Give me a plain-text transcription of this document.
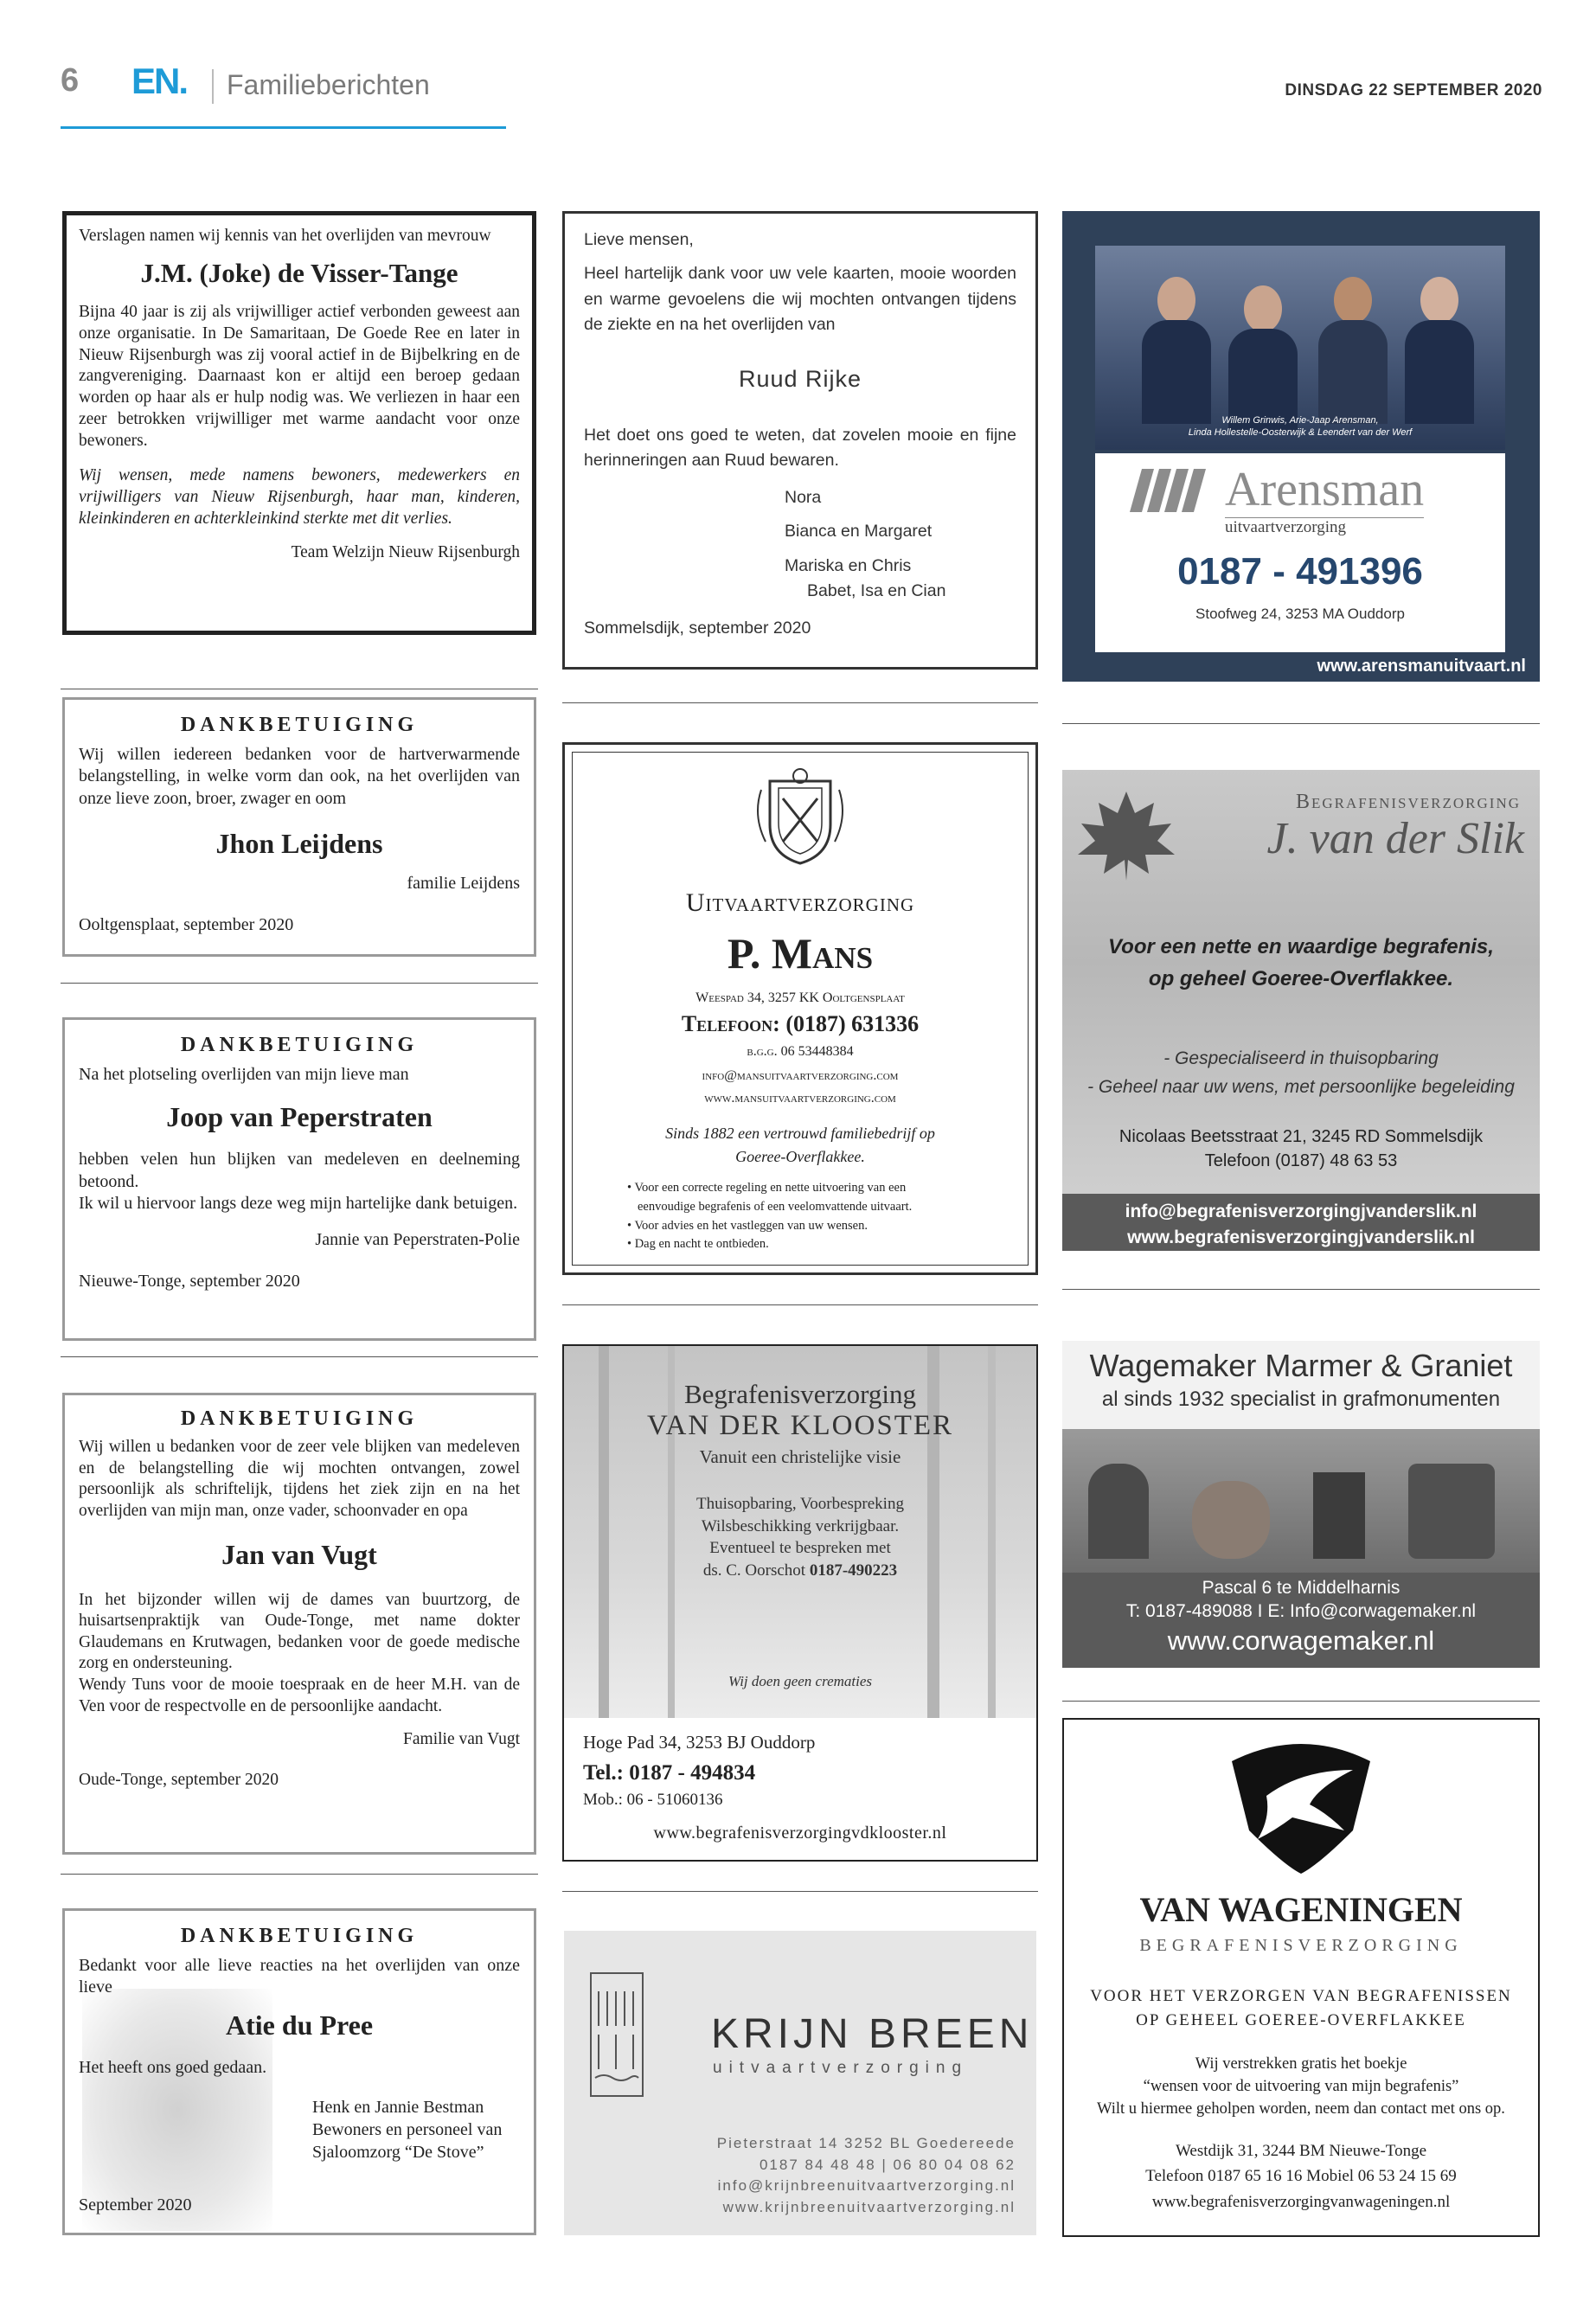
6 EN. Familieberichten	DINSDAG 22 SEPTEMBER 2020

Verslagen namen wij kennis van het overlijden van mevrouw

J.M. (Joke) de Visser-Tange

Bijna 40 jaar is zij als vrijwilliger actief verbonden geweest aan onze organisatie. In De Samaritaan, De Goede Ree en later in Nieuw Rijsenburgh was zij vooral actief in de Bijbelkring en de zangvereniging. Daarnaast kon er altijd een beroep gedaan worden op haar als er hulp nodig was. We verliezen in haar een zeer betrokken vrijwilliger met warme aandacht voor onze bewoners.

Wij wensen, mede namens bewoners, medewerkers en vrijwilligers van Nieuw Rijsenburgh, haar man, kinderen, kleinkinderen en achterkleinkind sterkte met dit verlies.

Team Welzijn Nieuw Rijsenburgh
Lieve mensen,

Heel hartelijk dank voor uw vele kaarten, mooie woorden en warme gevoelens die wij mochten ontvangen tijdens de ziekte en na het overlijden van

Ruud Rijke

Het doet ons goed te weten, dat zovelen mooie en fijne herinneringen aan Ruud bewaren.

Nora
Bianca en Margaret
Mariska en Chris
Babet, Isa en Cian
Sommelsdijk, september 2020
Willem Grinwis, Arie-Jaap Arensman,
Linda Hollestelle-Oosterwijk & Leendert van der Werf
Arensman
uitvaartverzorging
0187 - 491396
Stoofweg 24, 3253 MA Ouddorp
www.arensmanuitvaart.nl
DANKBETUIGING

Wij willen iedereen bedanken voor de hartverwarmende belangstelling, in welke vorm dan ook, na het overlijden van onze lieve zoon, broer, zwager en oom

Jhon Leijdens
familie Leijdens
Ooltgensplaat, september 2020
DANKBETUIGING

Na het plotseling overlijden van mijn lieve man

Joop van Peperstraten

hebben velen hun blijken van medeleven en deelneming betoond.

Ik wil u hiervoor langs deze weg mijn hartelijke dank betuigen.

Jannie van Peperstraten-Polie
Nieuwe-Tonge, september 2020
Uitvaartverzorging
P. Mans
Weespad 34, 3257 KK Ooltgensplaat
Telefoon: (0187) 631336
b.g.g. 06 53448384
info@mansuitvaartverzorging.com
www.mansuitvaartverzorging.com
Sinds 1882 een vertrouwd familiebedrijf op
Goeree-Overflakkee.
• Voor een correcte regeling en nette uitvoering van een
eenvoudige begrafenis of een veelomvattende uitvaart.
• Voor advies en het vastleggen van uw wensen.
• Dag en nacht te ontbieden.
Begrafenisverzorging
J. van der Slik
Voor een nette en waardige begrafenis,
op geheel Goeree-Overflakkee.
- Gespecialiseerd in thuisopbaring
- Geheel naar uw wens, met persoonlijke begeleiding
Nicolaas Beetsstraat 21, 3245 RD Sommelsdijk
Telefoon (0187) 48 63 53
info@begrafenisverzorgingjvanderslik.nl
www.begrafenisverzorgingjvanderslik.nl
DANKBETUIGING

Wij willen u bedanken voor de zeer vele blijken van medeleven en de belangstelling die wij mochten ontvangen, zowel persoonlijk als schriftelijk, tijdens het ziek zijn en na het overlijden van mijn man, onze vader, schoonvader en opa

Jan van Vugt

In het bijzonder willen wij de dames van buurtzorg, de huisartsenpraktijk van Oude-Tonge, met name dokter Glaudemans en Krutwagen, bedanken voor de goede medische zorg en ondersteuning.

Wendy Tuns voor de mooie toespraak en de heer M.H. van de Ven voor de respectvolle en de persoonlijke aandacht.

Familie van Vugt
Oude-Tonge, september 2020
Begrafenisverzorging
VAN DER KLOOSTER
Vanuit een christelijke visie
Thuisopbaring, Voorbespreking
Wilsbeschikking verkrijgbaar.
Eventueel te bespreken met
ds. C. Oorschot 0187-490223
Wij doen geen crematies
Hoge Pad 34, 3253 BJ Ouddorp
Tel.: 0187 - 494834
Mob.: 06 - 51060136
www.begrafenisverzorgingvdklooster.nl
Wagemaker Marmer & Graniet
al sinds 1932 specialist in grafmonumenten
Pascal 6 te Middelharnis
T: 0187-489088 I E: Info@corwagemaker.nl
www.corwagemaker.nl
DANKBETUIGING

Bedankt voor alle lieve reacties na het overlijden van onze lieve

Atie du Pree
Het heeft ons goed gedaan.
Henk en Jannie Bestman
Bewoners en personeel van
Sjaloomzorg “De Stove”
September 2020
KRIJN BREEN
uitvaartverzorging
Pieterstraat 14 3252 BL Goedereede
0187 84 48 48 | 06 80 04 08 62
info@krijnbreenuitvaartverzorging.nl
www.krijnbreenuitvaartverzorging.nl
VAN WAGENINGEN
BEGRAFENISVERZORGING
VOOR HET VERZORGEN VAN BEGRAFENISSEN
OP GEHEEL GOEREE-OVERFLAKKEE
Wij verstrekken gratis het boekje
“wensen voor de uitvoering van mijn begrafenis”
Wilt u hiermee geholpen worden, neem dan contact met ons op.
Westdijk 31, 3244 BM Nieuwe-Tonge
Telefoon 0187 65 16 16 Mobiel 06 53 24 15 69
www.begrafenisverzorgingvanwageningen.nl
